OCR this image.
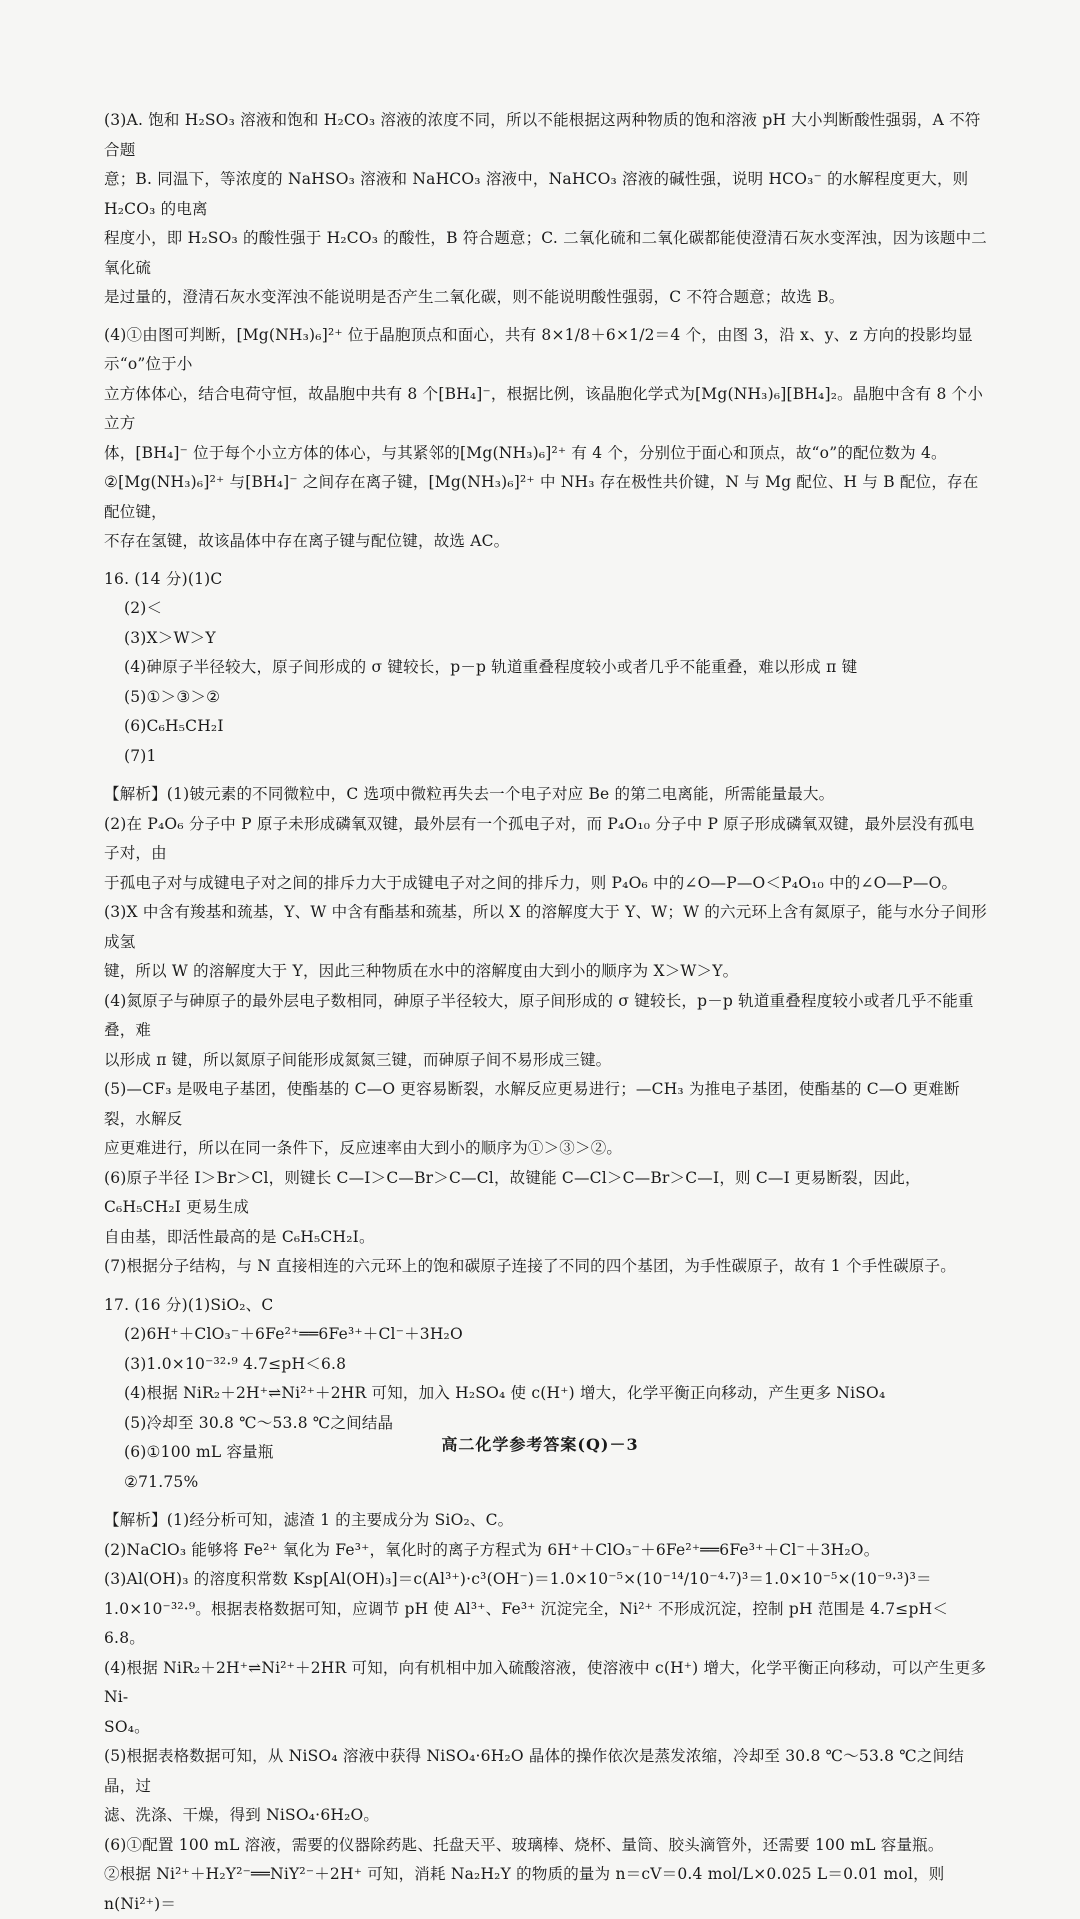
(3)A. 饱和 H₂SO₃ 溶液和饱和 H₂CO₃ 溶液的浓度不同，所以不能根据这两种物质的饱和溶液 pH 大小判断酸性强弱，A 不符合题

意；B. 同温下，等浓度的 NaHSO₃ 溶液和 NaHCO₃ 溶液中，NaHCO₃ 溶液的碱性强，说明 HCO₃⁻ 的水解程度更大，则 H₂CO₃ 的电离

程度小，即 H₂SO₃ 的酸性强于 H₂CO₃ 的酸性，B 符合题意；C. 二氧化硫和二氧化碳都能使澄清石灰水变浑浊，因为该题中二氧化硫

是过量的，澄清石灰水变浑浊不能说明是否产生二氧化碳，则不能说明酸性强弱，C 不符合题意；故选 B。

(4)①由图可判断，[Mg(NH₃)₆]²⁺ 位于晶胞顶点和面心，共有 8×1/8＋6×1/2＝4 个，由图 3，沿 x、y、z 方向的投影均显示“o”位于小

立方体体心，结合电荷守恒，故晶胞中共有 8 个[BH₄]⁻，根据比例，该晶胞化学式为[Mg(NH₃)₆][BH₄]₂。晶胞中含有 8 个小立方

体，[BH₄]⁻ 位于每个小立方体的体心，与其紧邻的[Mg(NH₃)₆]²⁺ 有 4 个，分别位于面心和顶点，故“o”的配位数为 4。

②[Mg(NH₃)₆]²⁺ 与[BH₄]⁻ 之间存在离子键，[Mg(NH₃)₆]²⁺ 中 NH₃ 存在极性共价键，N 与 Mg 配位、H 与 B 配位，存在配位键，

不存在氢键，故该晶体中存在离子键与配位键，故选 AC。

16. (14 分)(1)C

(2)＜

(3)X＞W＞Y

(4)砷原子半径较大，原子间形成的 σ 键较长，p－p 轨道重叠程度较小或者几乎不能重叠，难以形成 π 键

(5)①＞③＞②

(6)C₆H₅CH₂I

(7)1

【解析】(1)铍元素的不同微粒中，C 选项中微粒再失去一个电子对应 Be 的第二电离能，所需能量最大。

(2)在 P₄O₆ 分子中 P 原子未形成磷氧双键，最外层有一个孤电子对，而 P₄O₁₀ 分子中 P 原子形成磷氧双键，最外层没有孤电子对，由

于孤电子对与成键电子对之间的排斥力大于成键电子对之间的排斥力，则 P₄O₆ 中的∠O—P—O＜P₄O₁₀ 中的∠O—P—O。

(3)X 中含有羧基和巯基，Y、W 中含有酯基和巯基，所以 X 的溶解度大于 Y、W；W 的六元环上含有氮原子，能与水分子间形成氢

键，所以 W 的溶解度大于 Y，因此三种物质在水中的溶解度由大到小的顺序为 X＞W＞Y。

(4)氮原子与砷原子的最外层电子数相同，砷原子半径较大，原子间形成的 σ 键较长，p－p 轨道重叠程度较小或者几乎不能重叠，难

以形成 π 键，所以氮原子间能形成氮氮三键，而砷原子间不易形成三键。

(5)—CF₃ 是吸电子基团，使酯基的 C—O 更容易断裂，水解反应更易进行；—CH₃ 为推电子基团，使酯基的 C—O 更难断裂，水解反

应更难进行，所以在同一条件下，反应速率由大到小的顺序为①＞③＞②。

(6)原子半径 I＞Br＞Cl，则键长 C—I＞C—Br＞C—Cl，故键能 C—Cl＞C—Br＞C—I，则 C—I 更易断裂，因此，C₆H₅CH₂I 更易生成

自由基，即活性最高的是 C₆H₅CH₂I。

(7)根据分子结构，与 N 直接相连的六元环上的饱和碳原子连接了不同的四个基团，为手性碳原子，故有 1 个手性碳原子。

17. (16 分)(1)SiO₂、C

(2)6H⁺＋ClO₃⁻＋6Fe²⁺══6Fe³⁺＋Cl⁻＋3H₂O

(3)1.0×10⁻³²·⁹ 4.7≤pH＜6.8

(4)根据 NiR₂＋2H⁺⇌Ni²⁺＋2HR 可知，加入 H₂SO₄ 使 c(H⁺) 增大，化学平衡正向移动，产生更多 NiSO₄

(5)冷却至 30.8 ℃～53.8 ℃之间结晶

(6)①100 mL 容量瓶

②71.75%

【解析】(1)经分析可知，滤渣 1 的主要成分为 SiO₂、C。

(2)NaClO₃ 能够将 Fe²⁺ 氧化为 Fe³⁺，氧化时的离子方程式为 6H⁺＋ClO₃⁻＋6Fe²⁺══6Fe³⁺＋Cl⁻＋3H₂O。

(3)Al(OH)₃ 的溶度积常数 Ksp[Al(OH)₃]＝c(Al³⁺)·c³(OH⁻)＝1.0×10⁻⁵×(10⁻¹⁴/10⁻⁴·⁷)³＝1.0×10⁻⁵×(10⁻⁹·³)³＝

1.0×10⁻³²·⁹。根据表格数据可知，应调节 pH 使 Al³⁺、Fe³⁺ 沉淀完全，Ni²⁺ 不形成沉淀，控制 pH 范围是 4.7≤pH＜6.8。

(4)根据 NiR₂＋2H⁺⇌Ni²⁺＋2HR 可知，向有机相中加入硫酸溶液，使溶液中 c(H⁺) 增大，化学平衡正向移动，可以产生更多 Ni-

SO₄。

(5)根据表格数据可知，从 NiSO₄ 溶液中获得 NiSO₄·6H₂O 晶体的操作依次是蒸发浓缩，冷却至 30.8 ℃～53.8 ℃之间结晶，过

滤、洗涤、干燥，得到 NiSO₄·6H₂O。

(6)①配置 100 mL 溶液，需要的仪器除药匙、托盘天平、玻璃棒、烧杯、量筒、胶头滴管外，还需要 100 mL 容量瓶。

②根据 Ni²⁺＋H₂Y²⁻══NiY²⁻＋2H⁺ 可知，消耗 Na₂H₂Y 的物质的量为 n＝cV＝0.4 mol/L×0.025 L＝0.01 mol，则 n(Ni²⁺)＝

高二化学参考答案(Q)－3
